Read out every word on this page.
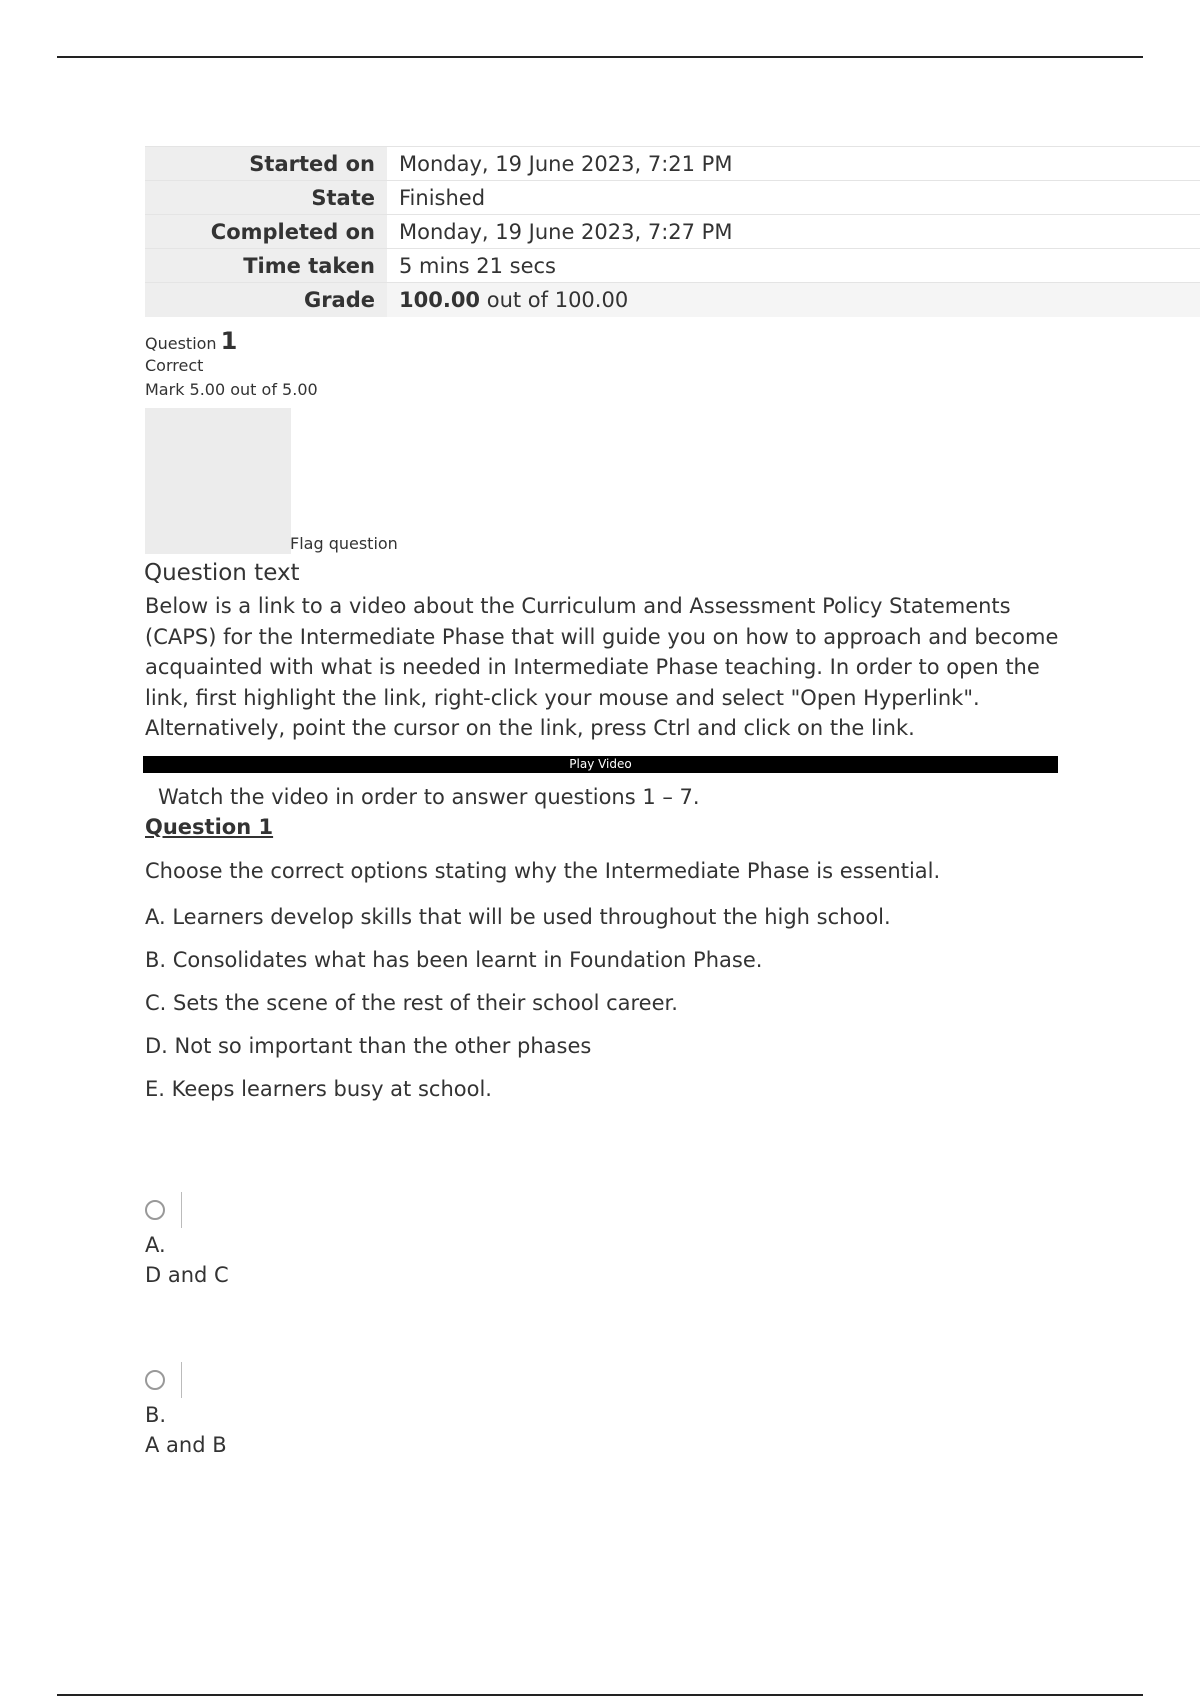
Started on	Monday, 19 June 2023, 7:21 PM
State	Finished
Completed on	Monday, 19 June 2023, 7:27 PM
Time taken	5 mins 21 secs
Grade	100.00 out of 100.00
Question 1
Correct
Mark 5.00 out of 5.00
Flag question
Question text
Below is a link to a video about the Curriculum and Assessment Policy Statements (CAPS) for the Intermediate Phase that will guide you on how to approach and become acquainted with what is needed in Intermediate Phase teaching. In order to open the link, first highlight the link, right-click your mouse and select "Open Hyperlink". Alternatively, point the cursor on the link, press Ctrl and click on the link.
Play Video
Watch the video in order to answer questions 1 – 7.
Question 1
Choose the correct options stating why the Intermediate Phase is essential.
A. Learners develop skills that will be used throughout the high school.
B. Consolidates what has been learnt in Foundation Phase.
C. Sets the scene of the rest of their school career.
D. Not so important than the other phases
E. Keeps learners busy at school.
A.
D and C
B.
A and B
